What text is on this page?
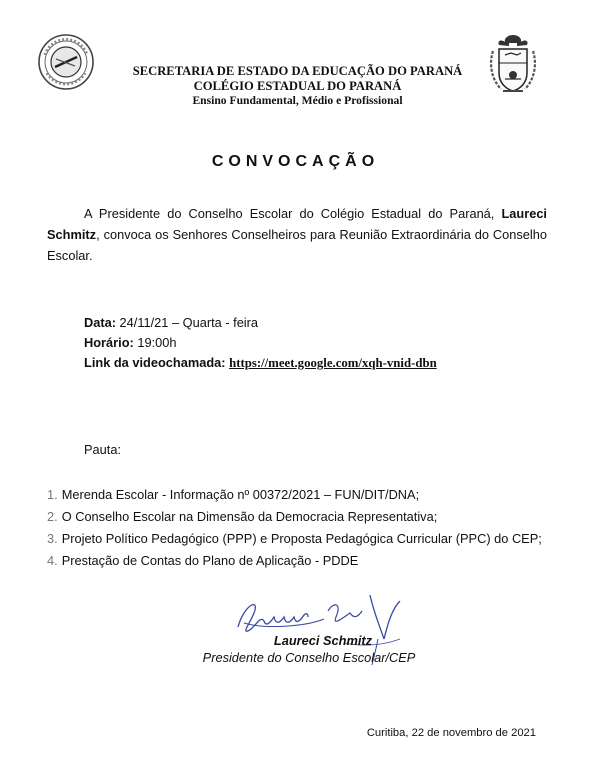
SECRETARIA DE ESTADO DA EDUCAÇÃO DO PARANÁ
COLÉGIO ESTADUAL DO PARANÁ
Ensino Fundamental, Médio e Profissional
CONVOCAÇÃO

A Presidente do Conselho Escolar do Colégio Estadual do Paraná, Laureci Schmitz, convoca os Senhores Conselheiros para Reunião Extraordinária do Conselho Escolar.

Data: 24/11/21 – Quarta - feira
Horário: 19:00h
Link da videochamada: https://meet.google.com/xqh-vnid-dbn
Pauta:
1. Merenda Escolar - Informação nº 00372/2021 – FUN/DIT/DNA;
2. O Conselho Escolar na Dimensão da Democracia Representativa;
3. Projeto Político Pedagógico (PPP) e Proposta Pedagógica Curricular (PPC) do CEP;
4. Prestação de Contas do Plano de Aplicação - PDDE
Laureci Schmitz
Presidente do Conselho Escolar/CEP
Curitiba, 22 de novembro de 2021
